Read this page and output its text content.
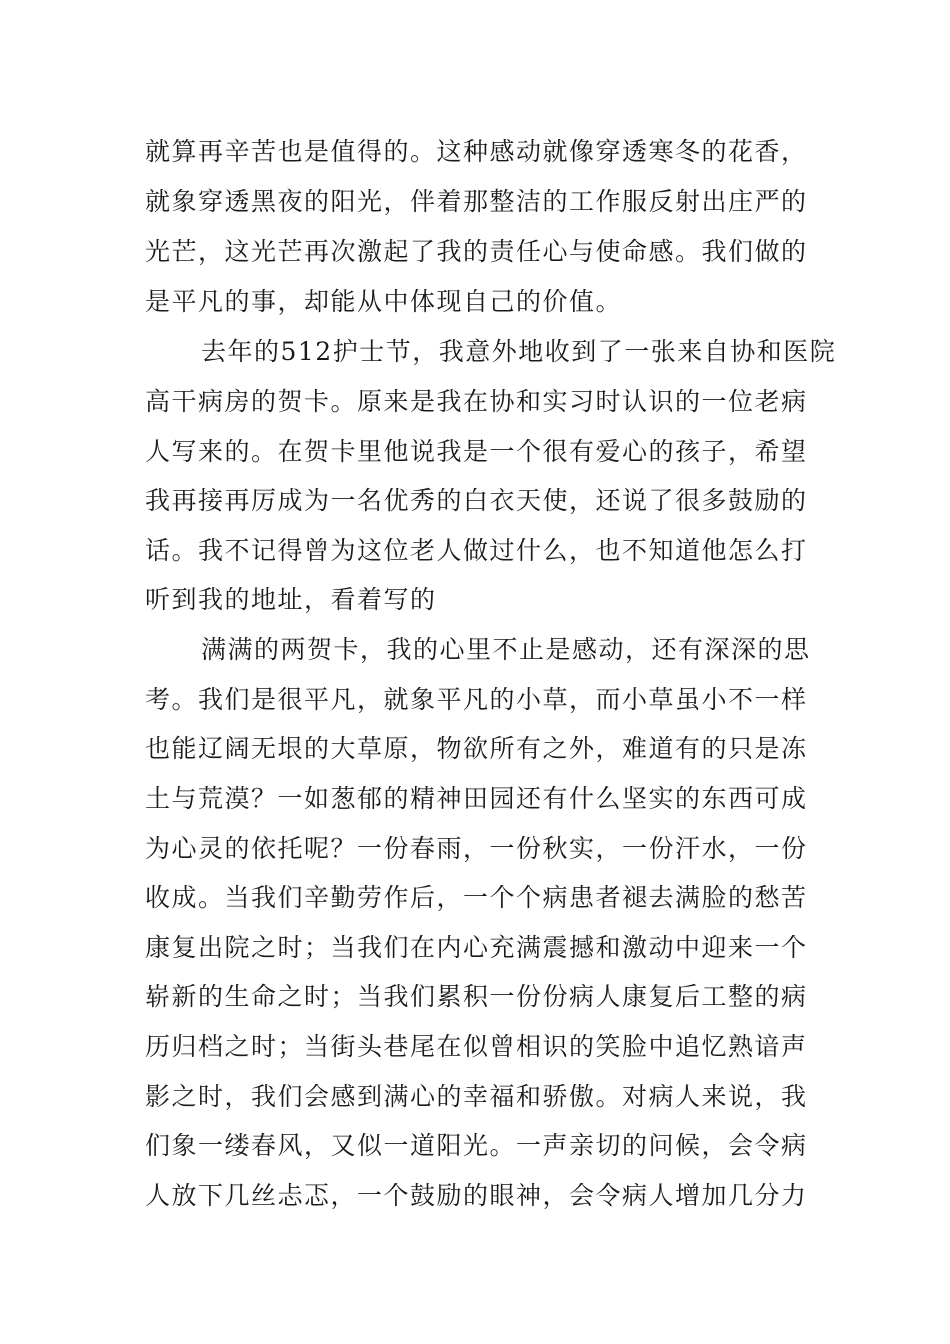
就算再辛苦也是值得的。这种感动就像穿透寒冬的花香，
就象穿透黑夜的阳光，伴着那整洁的工作服反射出庄严的
光芒，这光芒再次激起了我的责任心与使命感。我们做的
是平凡的事，却能从中体现自己的价值。
去年的512护士节，我意外地收到了一张来自协和医院
高干病房的贺卡。原来是我在协和实习时认识的一位老病
人写来的。在贺卡里他说我是一个很有爱心的孩子，希望
我再接再厉成为一名优秀的白衣天使，还说了很多鼓励的
话。我不记得曾为这位老人做过什么，也不知道他怎么打
听到我的地址，看着写的
满满的两贺卡，我的心里不止是感动，还有深深的思
考。我们是很平凡，就象平凡的小草，而小草虽小不一样
也能辽阔无垠的大草原，物欲所有之外，难道有的只是冻
土与荒漠？一如葱郁的精神田园还有什么坚实的东西可成
为心灵的依托呢？一份春雨，一份秋实，一份汗水，一份
收成。当我们辛勤劳作后，一个个病患者褪去满脸的愁苦
康复出院之时；当我们在内心充满震撼和激动中迎来一个
崭新的生命之时；当我们累积一份份病人康复后工整的病
历归档之时；当街头巷尾在似曾相识的笑脸中追忆熟谙声
影之时，我们会感到满心的幸福和骄傲。对病人来说，我
们象一缕春风，又似一道阳光。一声亲切的问候，会令病
人放下几丝忐忑，一个鼓励的眼神，会令病人增加几分力
